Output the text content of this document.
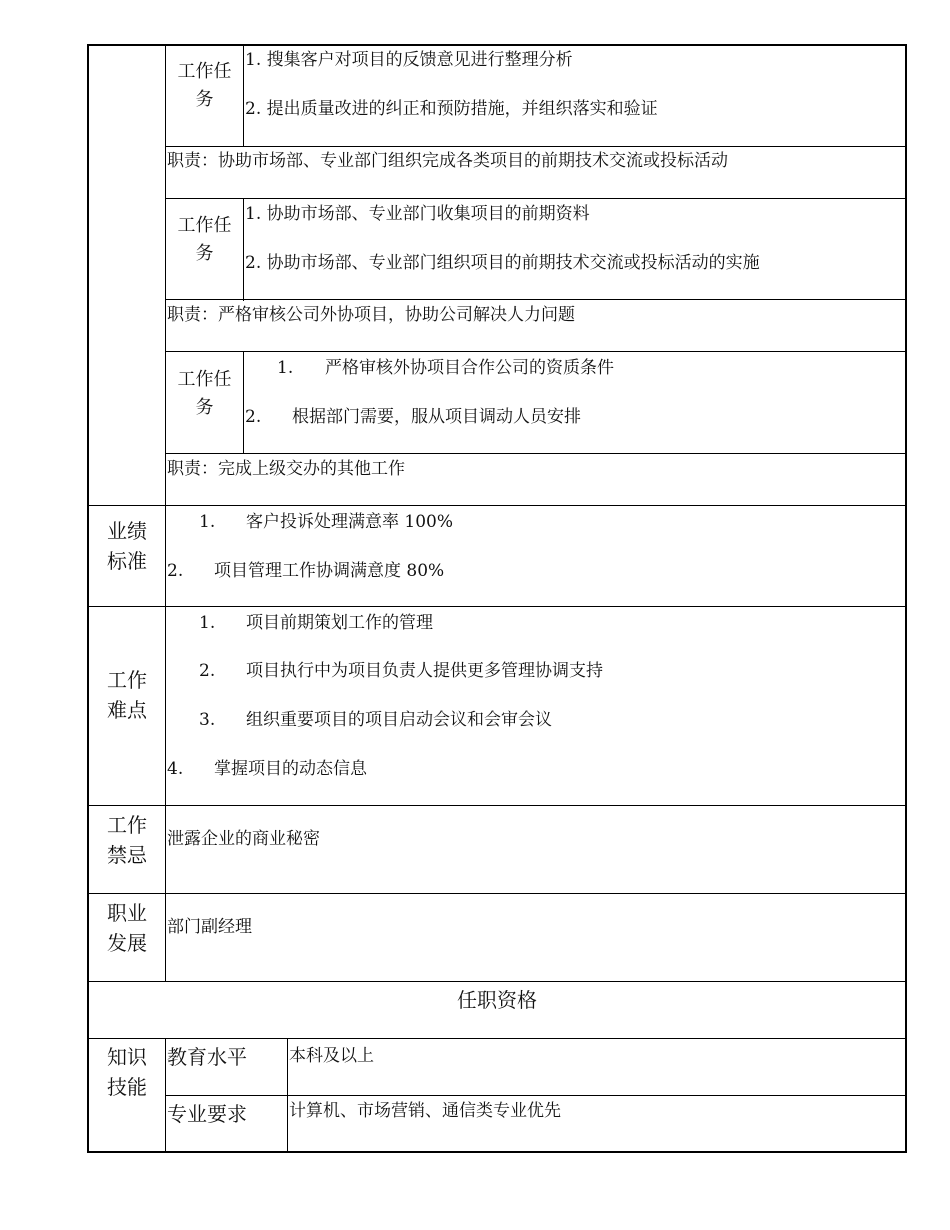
工作任
务
1. 搜集客户对项目的反馈意见进行整理分析
2. 提出质量改进的纠正和预防措施，并组织落实和验证
职责：协助市场部、专业部门组织完成各类项目的前期技术交流或投标活动
工作任
务
1. 协助市场部、专业部门收集项目的前期资料
2. 协助市场部、专业部门组织项目的前期技术交流或投标活动的实施
职责：严格审核公司外协项目，协助公司解决人力问题
工作任
务
1. 严格审核外协项目合作公司的资质条件
2. 根据部门需要，服从项目调动人员安排
职责：完成上级交办的其他工作
业绩
标准
1. 客户投诉处理满意率 100%
2. 项目管理工作协调满意度 80%
工作
难点
1. 项目前期策划工作的管理
2. 项目执行中为项目负责人提供更多管理协调支持
3. 组织重要项目的项目启动会议和会审会议
4. 掌握项目的动态信息
工作
禁忌
泄露企业的商业秘密
职业
发展
部门副经理
任职资格
知识
技能
教育水平 本科及以上
专业要求 计算机、市场营销、通信类专业优先
